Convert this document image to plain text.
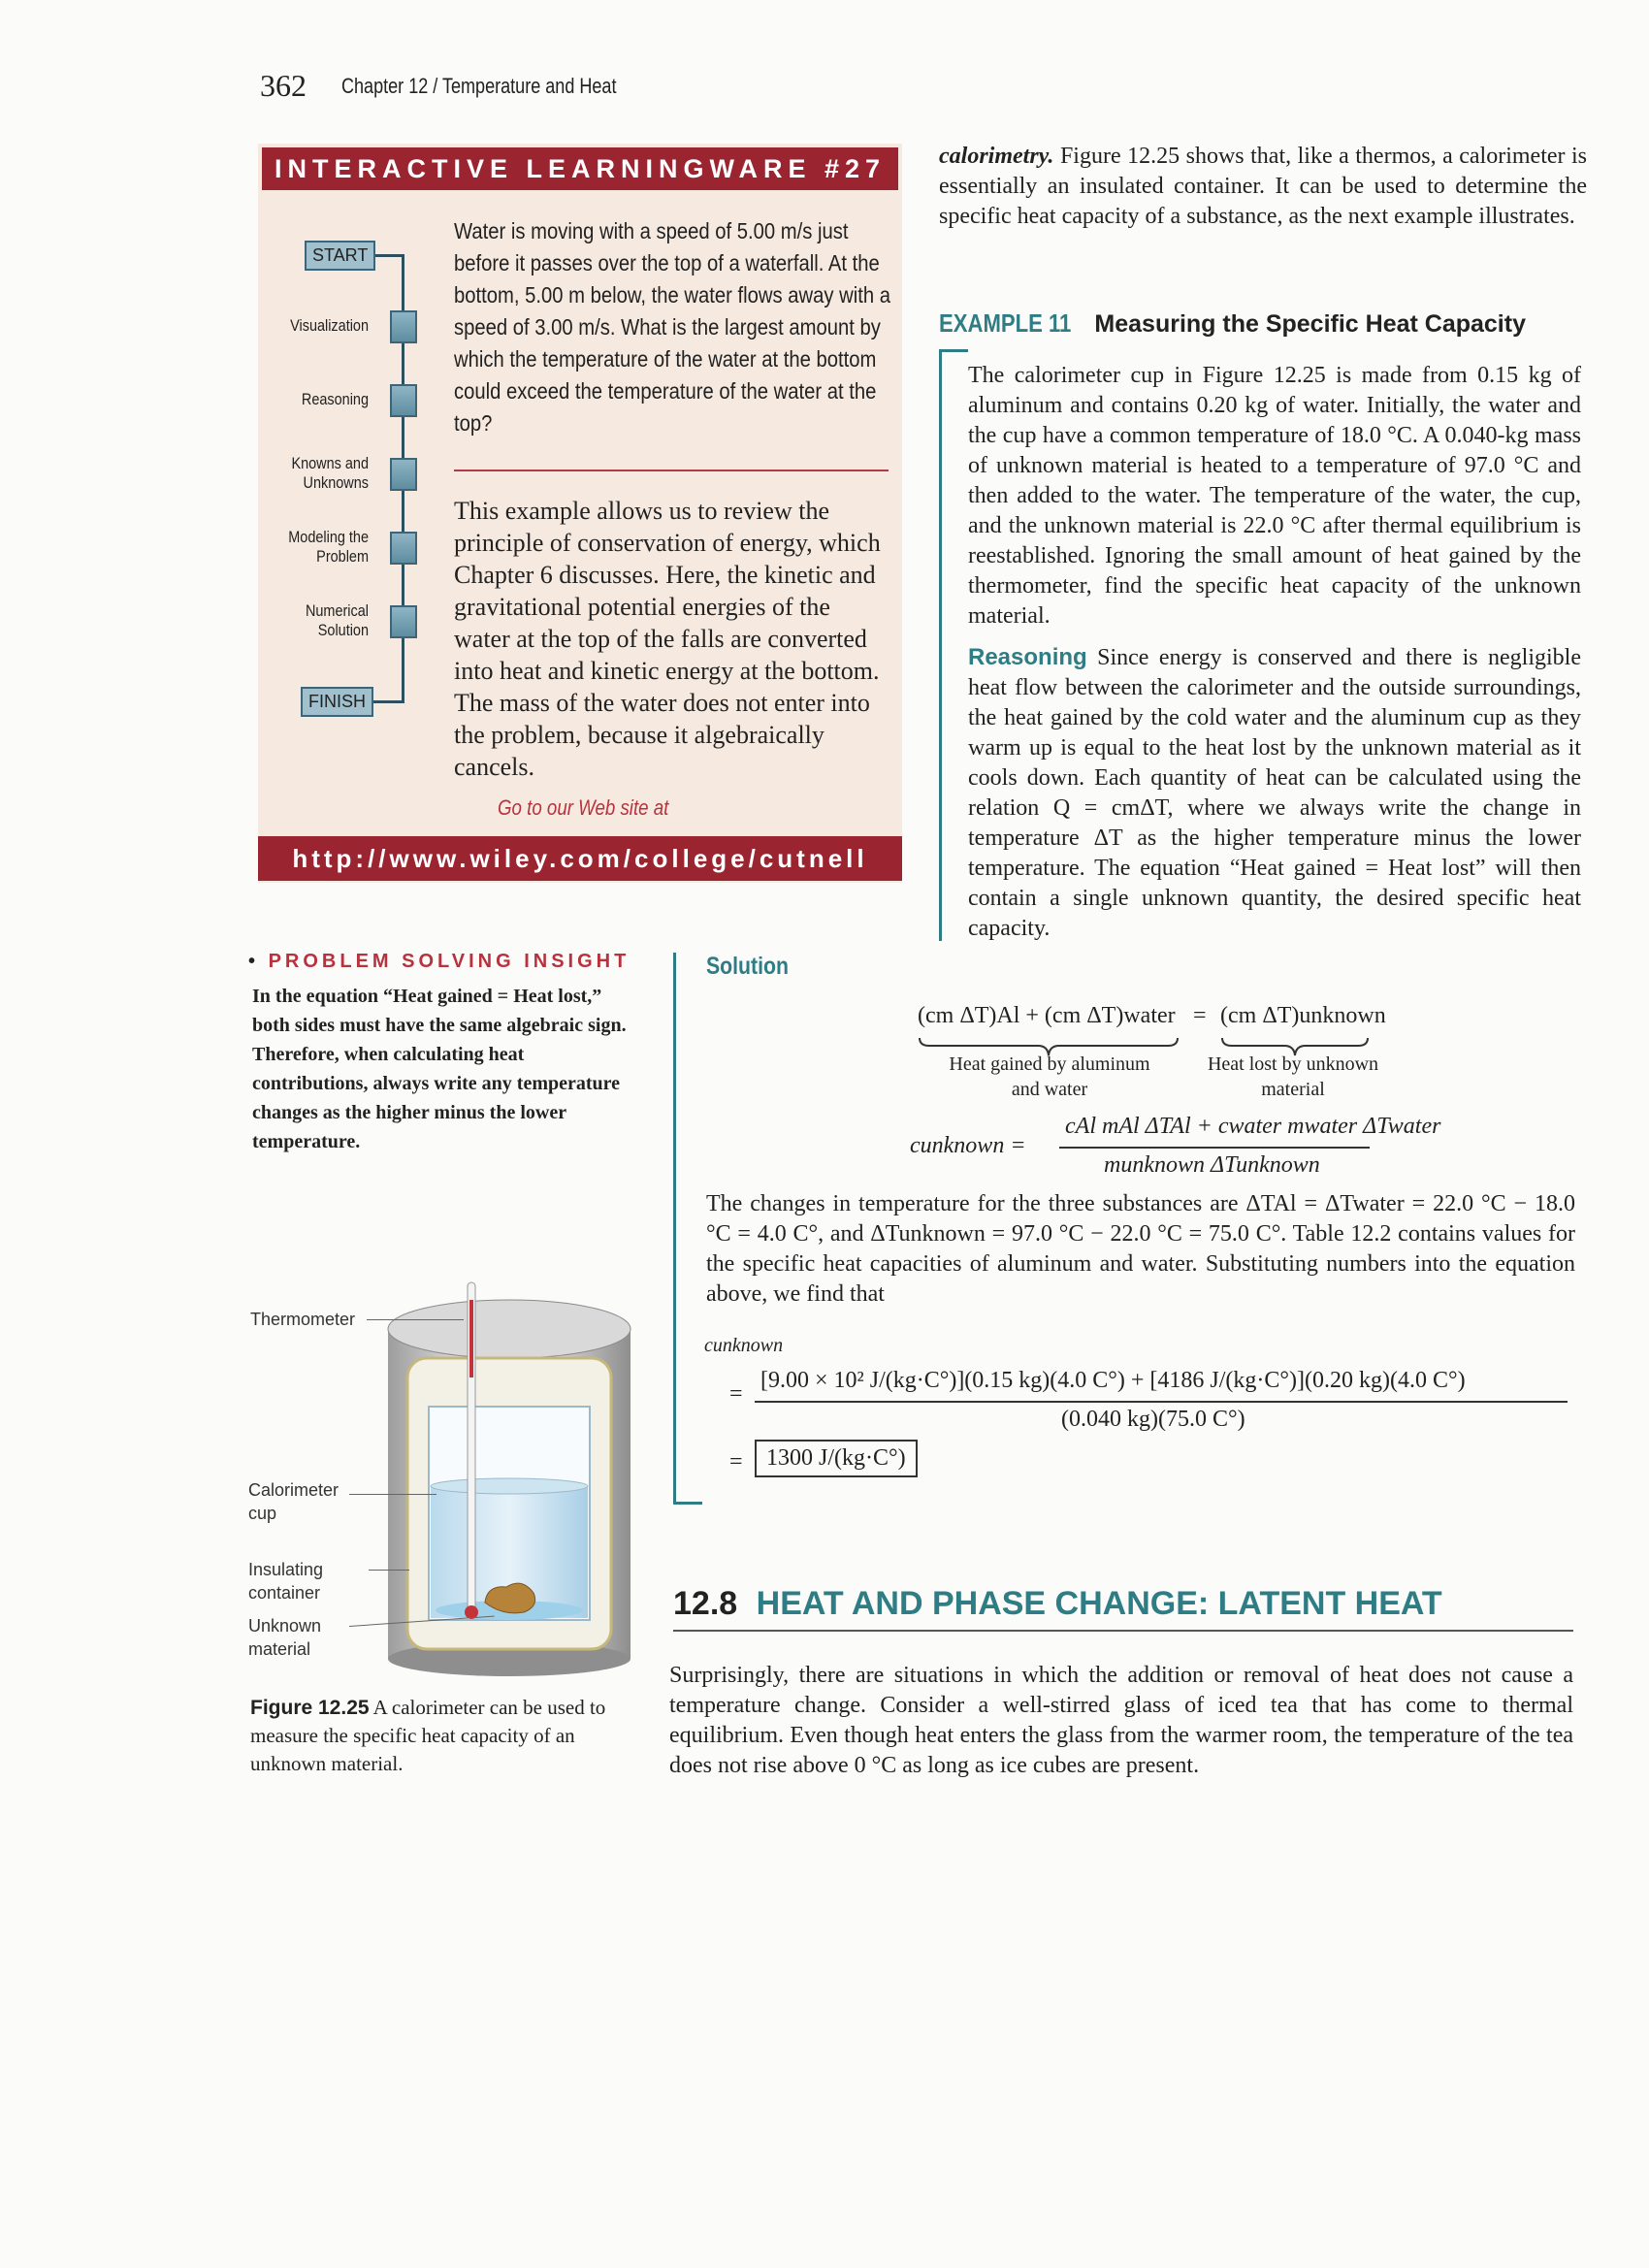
362 Chapter 12 / Temperature and Heat
INTERACTIVE LEARNINGWARE #27
START
FINISH
Visualization
Reasoning
Knowns and Unknowns
Modeling the Problem
Numerical Solution
Water is moving with a speed of 5.00 m/s just before it passes over the top of a waterfall. At the bottom, 5.00 m below, the water flows away with a speed of 3.00 m/s. What is the largest amount by which the temperature of the water at the bottom could exceed the temperature of the water at the top?
This example allows us to review the principle of conservation of energy, which Chapter 6 discusses. Here, the kinetic and gravitational potential energies of the water at the top of the falls are converted into heat and kinetic energy at the bottom. The mass of the water does not enter into the problem, because it algebraically cancels.
Go to our Web site at
http://www.wiley.com/college/cutnell
calorimetry. Figure 12.25 shows that, like a thermos, a calorimeter is essentially an insulated container. It can be used to determine the specific heat capacity of a substance, as the next example illustrates.
EXAMPLE 11 Measuring the Specific Heat Capacity
The calorimeter cup in Figure 12.25 is made from 0.15 kg of aluminum and contains 0.20 kg of water. Initially, the water and the cup have a common temperature of 18.0 °C. A 0.040-kg mass of unknown material is heated to a temperature of 97.0 °C and then added to the water. The temperature of the water, the cup, and the unknown material is 22.0 °C after thermal equilibrium is reestablished. Ignoring the small amount of heat gained by the thermometer, find the specific heat capacity of the unknown material.
Reasoning Since energy is conserved and there is negligible heat flow between the calorimeter and the outside surroundings, the heat gained by the cold water and the aluminum cup as they warm up is equal to the heat lost by the unknown material as it cools down. Each quantity of heat can be calculated using the relation Q = cmΔT, where we always write the change in temperature ΔT as the higher temperature minus the lower temperature. The equation “Heat gained = Heat lost” will then contain a single unknown quantity, the desired specific heat capacity.
• PROBLEM SOLVING INSIGHT
In the equation “Heat gained = Heat lost,” both sides must have the same algebraic sign. Therefore, when calculating heat contributions, always write any temperature changes as the higher minus the lower temperature.
Solution
(cm ΔT)Al + (cm ΔT)water = (cm ΔT)unknown
Heat gained by aluminum and water
Heat lost by unknown material
cunknown =
cAl mAl ΔTAl + cwater mwater ΔTwater
munknown ΔTunknown
The changes in temperature for the three substances are ΔTAl = ΔTwater = 22.0 °C − 18.0 °C = 4.0 C°, and ΔTunknown = 97.0 °C − 22.0 °C = 75.0 C°. Table 12.2 contains values for the specific heat capacities of aluminum and water. Substituting numbers into the equation above, we find that
cunknown
=
[9.00 × 10² J/(kg·C°)](0.15 kg)(4.0 C°) + [4186 J/(kg·C°)](0.20 kg)(4.0 C°)
(0.040 kg)(75.0 C°)
=	1300 J/(kg·C°)
Thermometer
Calorimeter cup
Insulating container
Unknown material
Figure 12.25 A calorimeter can be used to measure the specific heat capacity of an unknown material.
12.8 HEAT AND PHASE CHANGE: LATENT HEAT
Surprisingly, there are situations in which the addition or removal of heat does not cause a temperature change. Consider a well-stirred glass of iced tea that has come to thermal equilibrium. Even though heat enters the glass from the warmer room, the temperature of the tea does not rise above 0 °C as long as ice cubes are present.
